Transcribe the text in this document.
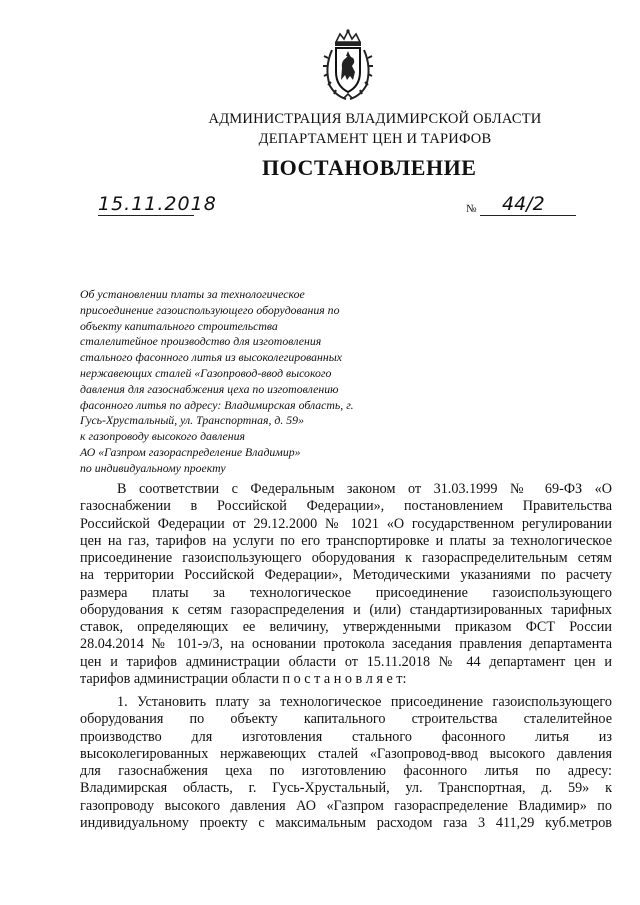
АДМИНИСТРАЦИЯ ВЛАДИМИРСКОЙ ОБЛАСТИ
ДЕПАРТАМЕНТ ЦЕН И ТАРИФОВ
ПОСТАНОВЛЕНИЕ
15.11.2018	№	44/2
Об установлении платы за технологическое
присоединение газоиспользующего оборудования по
объекту капитального строительства
сталелитейное производство для изготовления
стального фасонного литья из высоколегированных
нержавеющих сталей «Газопровод-ввод высокого
давления для газоснабжения цеха по изготовлению
фасонного литья по адресу: Владимирская область, г.
Гусь-Хрустальный, ул. Транспортная, д. 59»
к газопроводу высокого давления
АО «Газпром газораспределение Владимир»
по индивидуальному проекту
В соответствии с Федеральным законом от 31.03.1999 № 69-ФЗ «О
газоснабжении в Российской Федерации», постановлением Правительства
Российской Федерации от 29.12.2000 № 1021 «О государственном регулировании
цен на газ, тарифов на услуги по его транспортировке и платы за технологическое
присоединение газоиспользующего оборудования к газораспределительным сетям
на территории Российской Федерации», Методическими указаниями по расчету
размера платы за технологическое присоединение газоиспользующего
оборудования к сетям газораспределения и (или) стандартизированных тарифных
ставок, определяющих ее величину, утвержденными приказом ФСТ России
28.04.2014 № 101-э/3, на основании протокола заседания правления департамента
цен и тарифов администрации области от 15.11.2018 № 44 департамент цен и
тарифов администрации области п о с т а н о в л я е т:
1. Установить плату за технологическое присоединение газоиспользующего
оборудования по объекту капитального строительства сталелитейное
производство для изготовления стального фасонного литья из
высоколегированных нержавеющих сталей «Газопровод-ввод высокого давления
для газоснабжения цеха по изготовлению фасонного литья по адресу:
Владимирская область, г. Гусь-Хрустальный, ул. Транспортная, д. 59» к
газопроводу высокого давления АО «Газпром газораспределение Владимир» по
индивидуальному проекту с максимальным расходом газа 3 411,29 куб.метров
